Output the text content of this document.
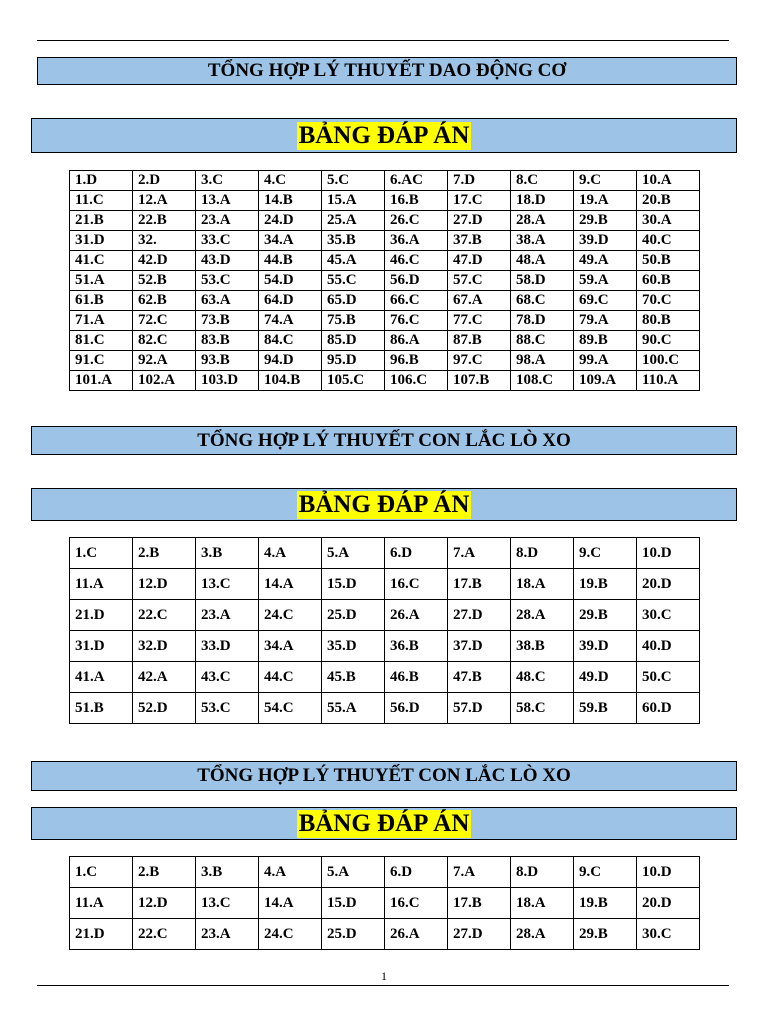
TỔNG HỢP LÝ THUYẾT DAO ĐỘNG CƠ
BẢNG ĐÁP ÁN
1.D	2.D	3.C	4.C	5.C	6.AC	7.D	8.C	9.C	10.A
11.C	12.A	13.A	14.B	15.A	16.B	17.C	18.D	19.A	20.B
21.B	22.B	23.A	24.D	25.A	26.C	27.D	28.A	29.B	30.A
31.D	32.	33.C	34.A	35.B	36.A	37.B	38.A	39.D	40.C
41.C	42.D	43.D	44.B	45.A	46.C	47.D	48.A	49.A	50.B
51.A	52.B	53.C	54.D	55.C	56.D	57.C	58.D	59.A	60.B
61.B	62.B	63.A	64.D	65.D	66.C	67.A	68.C	69.C	70.C
71.A	72.C	73.B	74.A	75.B	76.C	77.C	78.D	79.A	80.B
81.C	82.C	83.B	84.C	85.D	86.A	87.B	88.C	89.B	90.C
91.C	92.A	93.B	94.D	95.D	96.B	97.C	98.A	99.A	100.C
101.A	102.A	103.D	104.B	105.C	106.C	107.B	108.C	109.A	110.A
TỔNG HỢP LÝ THUYẾT CON LẮC LÒ XO
BẢNG ĐÁP ÁN
1.C	2.B	3.B	4.A	5.A	6.D	7.A	8.D	9.C	10.D
11.A	12.D	13.C	14.A	15.D	16.C	17.B	18.A	19.B	20.D
21.D	22.C	23.A	24.C	25.D	26.A	27.D	28.A	29.B	30.C
31.D	32.D	33.D	34.A	35.D	36.B	37.D	38.B	39.D	40.D
41.A	42.A	43.C	44.C	45.B	46.B	47.B	48.C	49.D	50.C
51.B	52.D	53.C	54.C	55.A	56.D	57.D	58.C	59.B	60.D
TỔNG HỢP LÝ THUYẾT CON LẮC LÒ XO
BẢNG ĐÁP ÁN
1.C	2.B	3.B	4.A	5.A	6.D	7.A	8.D	9.C	10.D
11.A	12.D	13.C	14.A	15.D	16.C	17.B	18.A	19.B	20.D
21.D	22.C	23.A	24.C	25.D	26.A	27.D	28.A	29.B	30.C
1
